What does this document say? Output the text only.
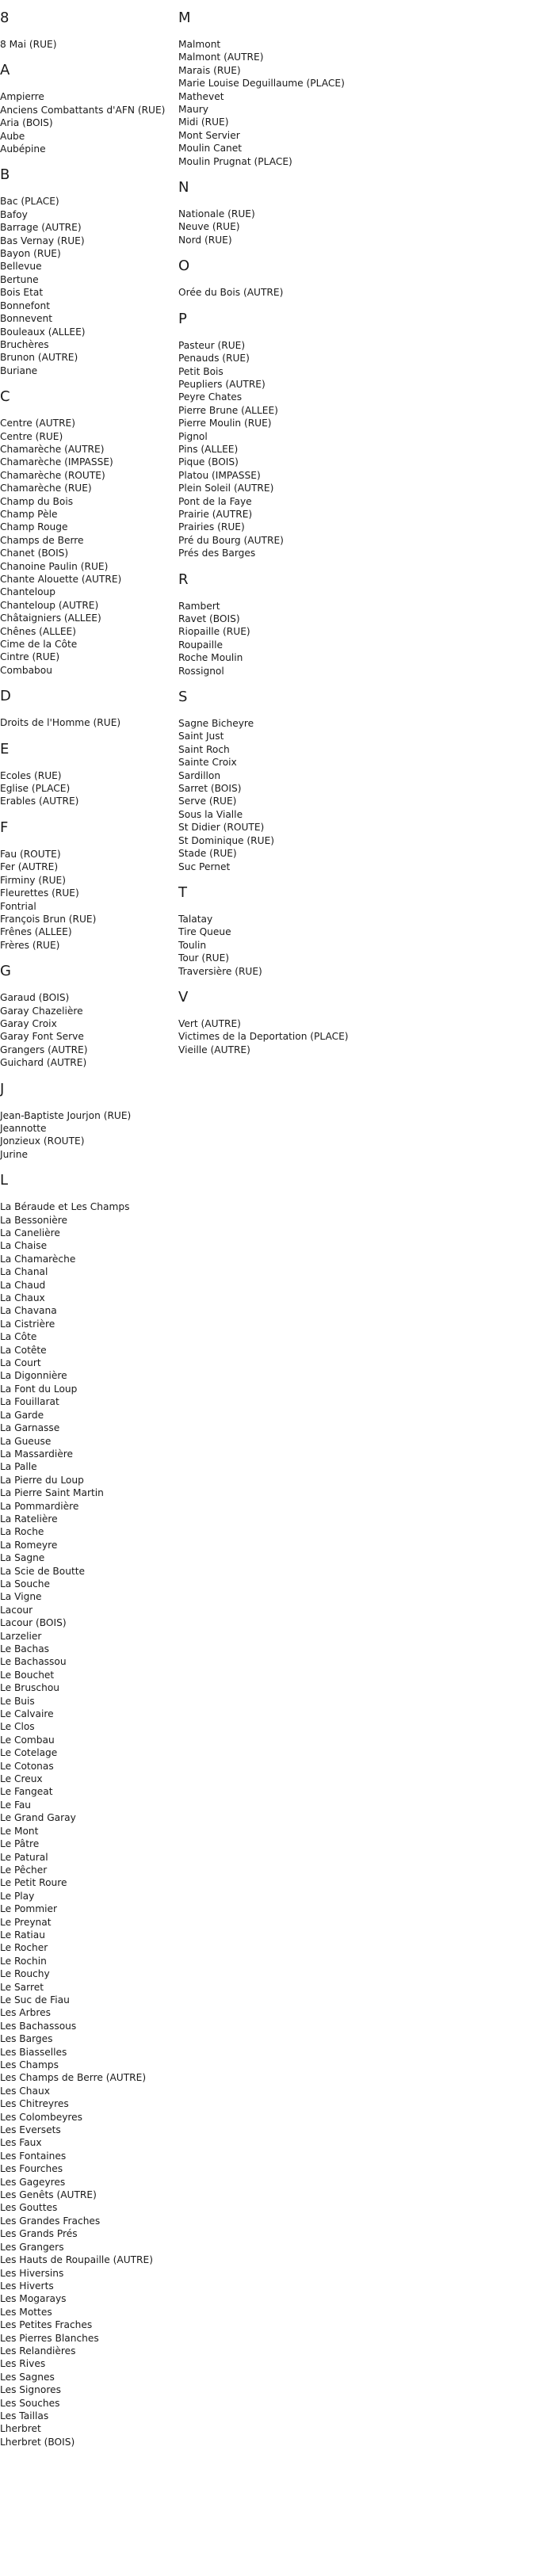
8
8 Mai (RUE)
A
Ampierre
Anciens Combattants d'AFN (RUE)
Aria (BOIS)
Aube
Aubépine
B
Bac (PLACE)
Bafoy
Barrage (AUTRE)
Bas Vernay (RUE)
Bayon (RUE)
Bellevue
Bertune
Bois Etat
Bonnefont
Bonnevent
Bouleaux (ALLEE)
Bruchères
Brunon (AUTRE)
Buriane
C
Centre (AUTRE)
Centre (RUE)
Chamarèche (AUTRE)
Chamarèche (IMPASSE)
Chamarèche (ROUTE)
Chamarèche (RUE)
Champ du Bois
Champ Pèle
Champ Rouge
Champs de Berre
Chanet (BOIS)
Chanoine Paulin (RUE)
Chante Alouette (AUTRE)
Chanteloup
Chanteloup (AUTRE)
Châtaigniers (ALLEE)
Chênes (ALLEE)
Cime de la Côte
Cintre (RUE)
Combabou
D
Droits de l'Homme (RUE)
E
Ecoles (RUE)
Eglise (PLACE)
Erables (AUTRE)
F
Fau (ROUTE)
Fer (AUTRE)
Firminy (RUE)
Fleurettes (RUE)
Fontrial
François Brun (RUE)
Frênes (ALLEE)
Frères (RUE)
G
Garaud (BOIS)
Garay Chazelière
Garay Croix
Garay Font Serve
Grangers (AUTRE)
Guichard (AUTRE)
J
Jean-Baptiste Jourjon (RUE)
Jeannotte
Jonzieux (ROUTE)
Jurine
L
La Béraude et Les Champs
La Bessonière
La Canelière
La Chaise
La Chamarèche
La Chanal
La Chaud
La Chaux
La Chavana
La Cistrière
La Côte
La Cotête
La Court
La Digonnière
La Font du Loup
La Fouillarat
La Garde
La Garnasse
La Gueuse
La Massardière
La Palle
La Pierre du Loup
La Pierre Saint Martin
La Pommardière
La Ratelière
La Roche
La Romeyre
La Sagne
La Scie de Boutte
La Souche
La Vigne
Lacour
Lacour (BOIS)
Larzelier
Le Bachas
Le Bachassou
Le Bouchet
Le Bruschou
Le Buis
Le Calvaire
Le Clos
Le Combau
Le Cotelage
Le Cotonas
Le Creux
Le Fangeat
Le Fau
Le Grand Garay
Le Mont
Le Pâtre
Le Patural
Le Pêcher
Le Petit Roure
Le Play
Le Pommier
Le Preynat
Le Ratiau
Le Rocher
Le Rochin
Le Rouchy
Le Sarret
Le Suc de Fiau
Les Arbres
Les Bachassous
Les Barges
Les Biasselles
Les Champs
Les Champs de Berre (AUTRE)
Les Chaux
Les Chitreyres
Les Colombeyres
Les Eversets
Les Faux
Les Fontaines
Les Fourches
Les Gageyres
Les Genêts (AUTRE)
Les Gouttes
Les Grandes Fraches
Les Grands Prés
Les Grangers
Les Hauts de Roupaille (AUTRE)
Les Hiversins
Les Hiverts
Les Mogarays
Les Mottes
Les Petites Fraches
Les Pierres Blanches
Les Relandières
Les Rives
Les Sagnes
Les Signores
Les Souches
Les Taillas
Lherbret
Lherbret (BOIS)
M
Malmont
Malmont (AUTRE)
Marais (RUE)
Marie Louise Deguillaume (PLACE)
Mathevet
Maury
Midi (RUE)
Mont Servier
Moulin Canet
Moulin Prugnat (PLACE)
N
Nationale (RUE)
Neuve (RUE)
Nord (RUE)
O
Orée du Bois (AUTRE)
P
Pasteur (RUE)
Penauds (RUE)
Petit Bois
Peupliers (AUTRE)
Peyre Chates
Pierre Brune (ALLEE)
Pierre Moulin (RUE)
Pignol
Pins (ALLEE)
Pique (BOIS)
Platou (IMPASSE)
Plein Soleil (AUTRE)
Pont de la Faye
Prairie (AUTRE)
Prairies (RUE)
Pré du Bourg (AUTRE)
Prés des Barges
R
Rambert
Ravet (BOIS)
Riopaille (RUE)
Roupaille
Roche Moulin
Rossignol
S
Sagne Bicheyre
Saint Just
Saint Roch
Sainte Croix
Sardillon
Sarret (BOIS)
Serve (RUE)
Sous la Vialle
St Didier (ROUTE)
St Dominique (RUE)
Stade (RUE)
Suc Pernet
T
Talatay
Tire Queue
Toulin
Tour (RUE)
Traversière (RUE)
V
Vert (AUTRE)
Victimes de la Deportation (PLACE)
Vieille (AUTRE)
